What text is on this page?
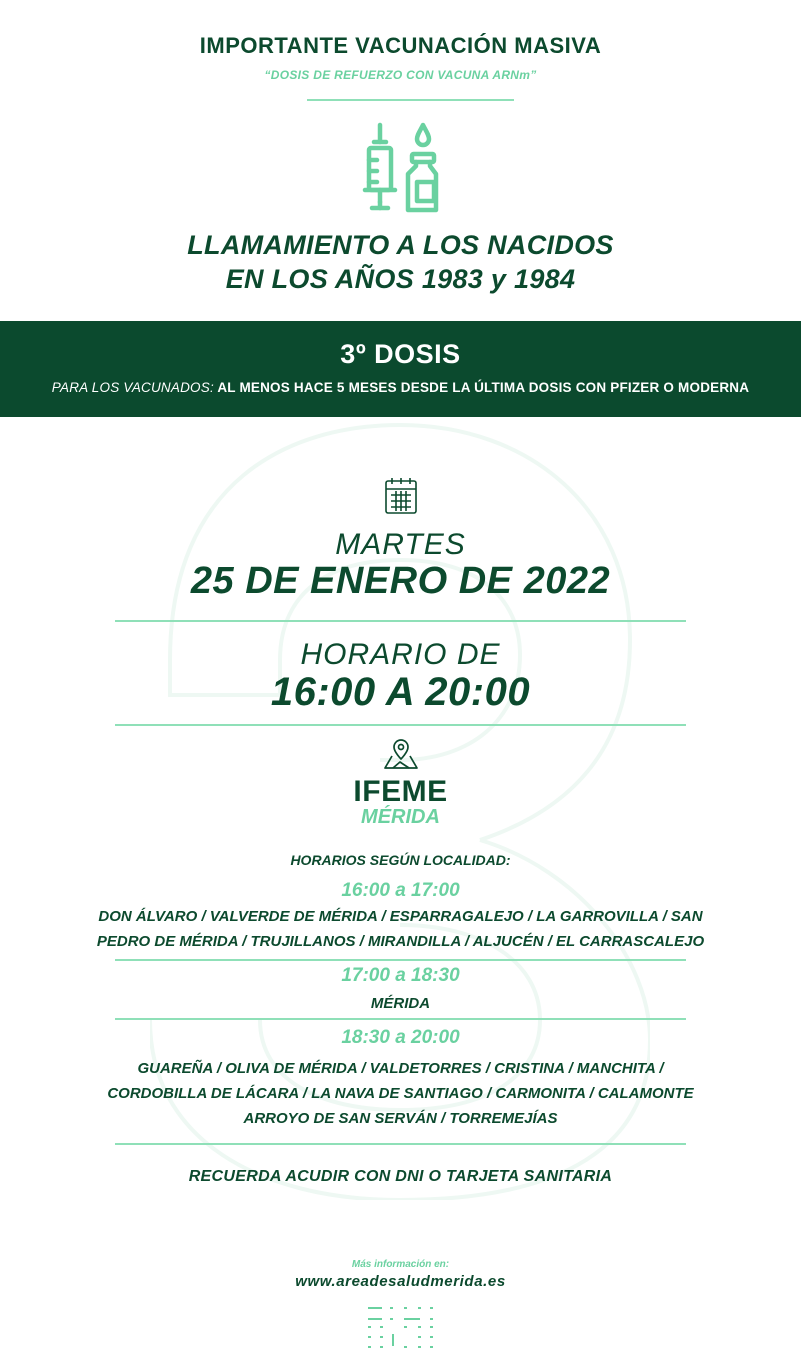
IMPORTANTE VACUNACIÓN MASIVA
“DOSIS DE REFUERZO CON VACUNA ARNm”
LLAMAMIENTO A LOS NACIDOS
EN LOS AÑOS 1983 y 1984
3º DOSIS
PARA LOS VACUNADOS: AL MENOS HACE 5 MESES DESDE LA ÚLTIMA DOSIS CON PFIZER O MODERNA
MARTES
25 DE ENERO DE 2022
HORARIO DE
16:00 A 20:00
IFEME
MÉRIDA
HORARIOS SEGÚN LOCALIDAD:
16:00 a 17:00
DON ÁLVARO / VALVERDE DE MÉRIDA / ESPARRAGALEJO / LA GARROVILLA / SAN
PEDRO DE MÉRIDA / TRUJILLANOS / MIRANDILLA / ALJUCÉN / EL CARRASCALEJO
17:00 a 18:30
MÉRIDA
18:30 a 20:00
GUAREÑA / OLIVA DE MÉRIDA / VALDETORRES / CRISTINA / MANCHITA /
CORDOBILLA DE LÁCARA / LA NAVA DE SANTIAGO / CARMONITA / CALAMONTE
ARROYO DE SAN SERVÁN / TORREMEJÍAS
RECUERDA ACUDIR CON DNI O TARJETA SANITARIA
Más información en:
www.areadesaludmerida.es
